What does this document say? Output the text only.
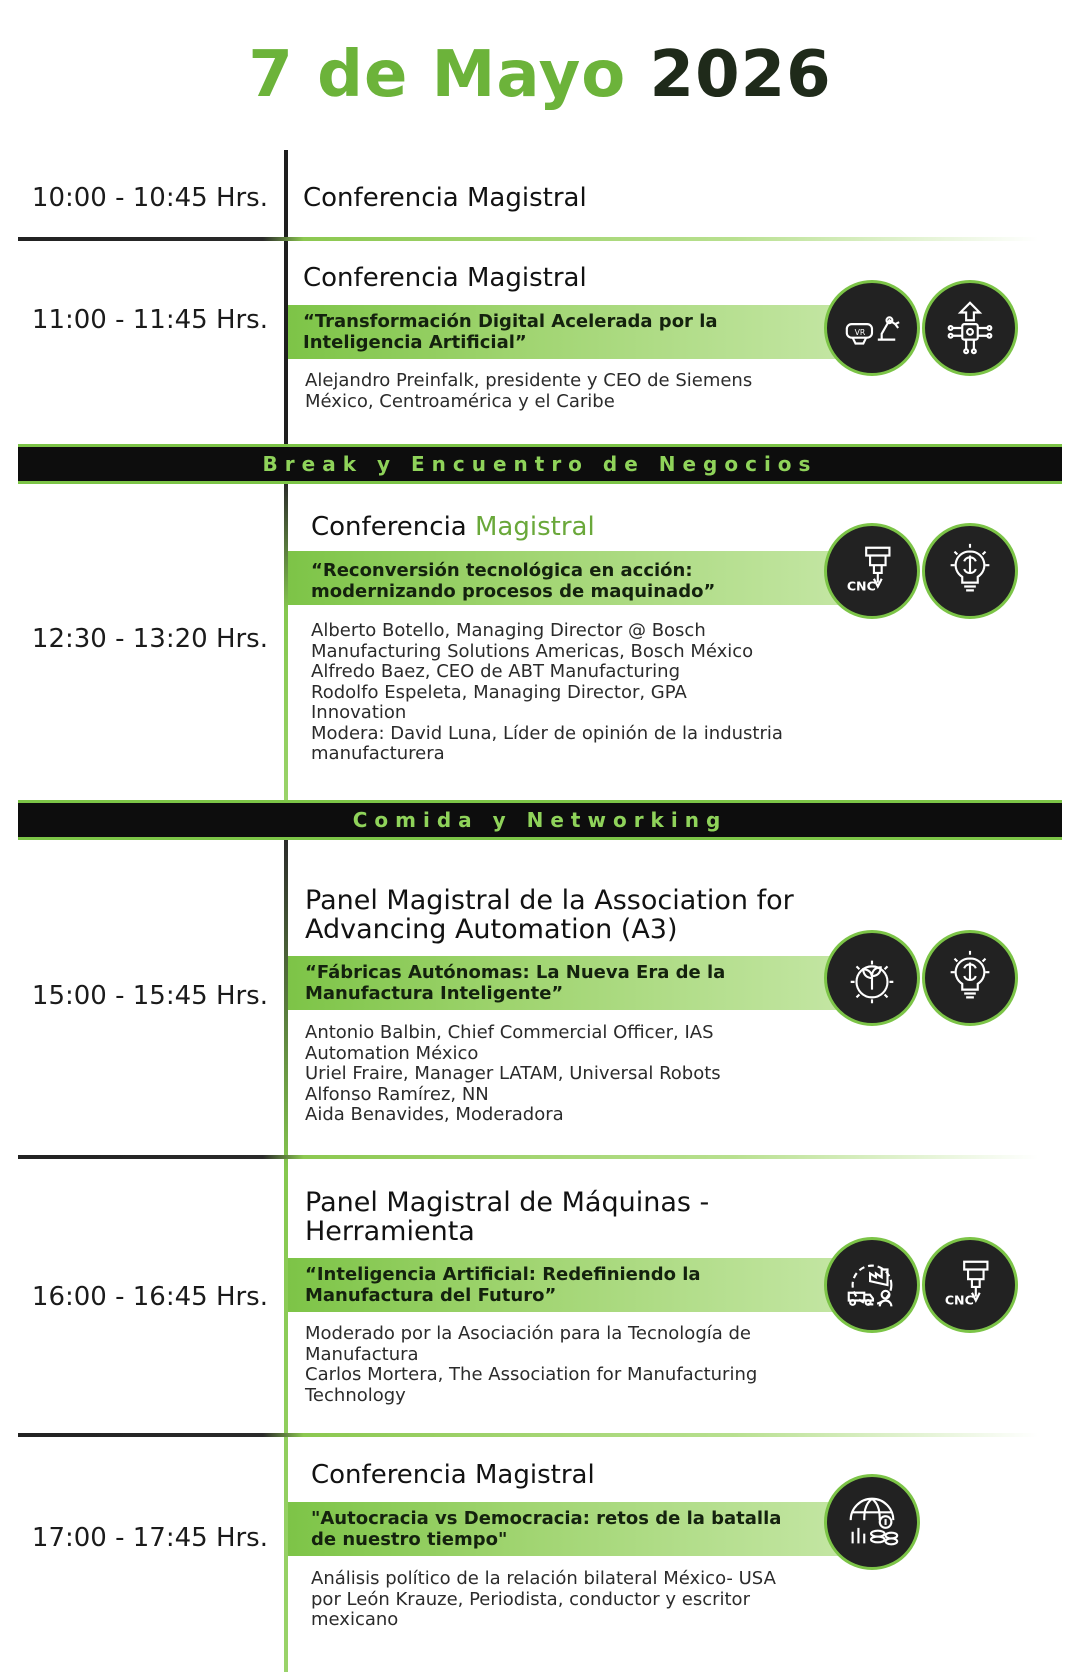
7 de Mayo 2026
10:00 - 10:45 Hrs. Conferencia Magistral
11:00 - 11:45 Hrs.
Conferencia Magistral
“Transformación Digital Acelerada por la Inteligencia Artificial”
Alejandro Preinfalk, presidente y CEO de Siemens
México, Centroamérica y el Caribe
VR
Break y Encuentro de Negocios
12:30 - 13:20 Hrs.
Conferencia Magistral
“Reconversión tecnológica en acción: modernizando procesos de maquinado”
Alberto Botello, Managing Director @ Bosch
Manufacturing Solutions Americas, Bosch México
Alfredo Baez, CEO de ABT Manufacturing
Rodolfo Espeleta, Managing Director, GPA
Innovation
Modera: David Luna, Líder de opinión de la industria
manufacturera
CNC
Comida y Networking
15:00 - 15:45 Hrs.
Panel Magistral de la Association for Advancing Automation (A3)
“Fábricas Autónomas: La Nueva Era de la Manufactura Inteligente”
Antonio Balbin, Chief Commercial Officer, IAS
Automation México
Uriel Fraire, Manager LATAM, Universal Robots
Alfonso Ramírez, NN
Aida Benavides, Moderadora
16:00 - 16:45 Hrs.
Panel Magistral de Máquinas - Herramienta
“Inteligencia Artificial: Redefiniendo la Manufactura del Futuro”
Moderado por la Asociación para la Tecnología de
Manufactura
Carlos Mortera, The Association for Manufacturing
Technology
CNC
17:00 - 17:45 Hrs.
Conferencia Magistral
"Autocracia vs Democracia: retos de la batalla de nuestro tiempo"
Análisis político de la relación bilateral México- USA
por León Krauze, Periodista, conductor y escritor
mexicano
